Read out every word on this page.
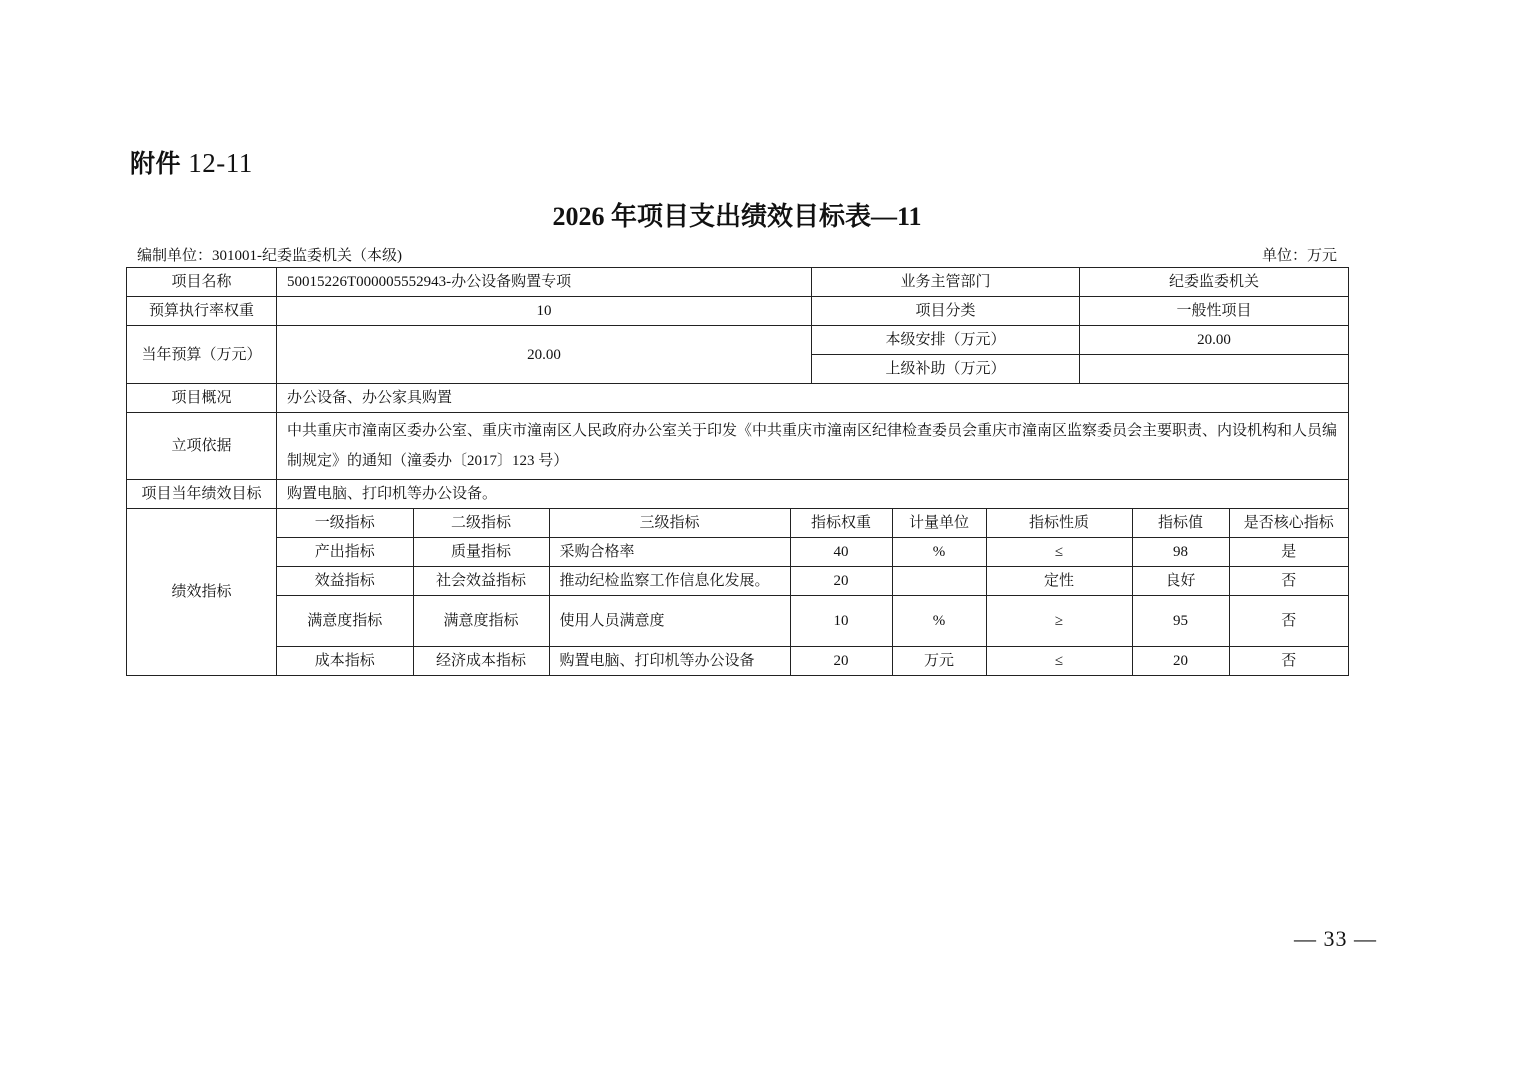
附件 12-11
2026 年项目支出绩效目标表—11
编制单位：301001-纪委监委机关（本级)	单位：万元
项目名称	50015226T000005552943-办公设备购置专项	业务主管部门	纪委监委机关
预算执行率权重	10	项目分类	一般性项目
当年预算（万元）	20.00	本级安排（万元）	20.00
上级补助（万元）	
项目概况	办公设备、办公家具购置
立项依据	中共重庆市潼南区委办公室、重庆市潼南区人民政府办公室关于印发《中共重庆市潼南区纪律检查委员会重庆市潼南区监察委员会主要职责、内设机构和人员编制规定》的通知（潼委办〔2017〕123 号）
项目当年绩效目标	购置电脑、打印机等办公设备。
绩效指标	
一级指标	二级指标	三级指标	指标权重	计量单位	指标性质	指标值	是否核心指标
产出指标	质量指标	采购合格率	40	%	≤	98	是
效益指标	社会效益指标	推动纪检监察工作信息化发展。	20		定性	良好	否
满意度指标	满意度指标	使用人员满意度	10	%	≥	95	否
成本指标	经济成本指标	购置电脑、打印机等办公设备	20	万元	≤	20	否
— 33 —
